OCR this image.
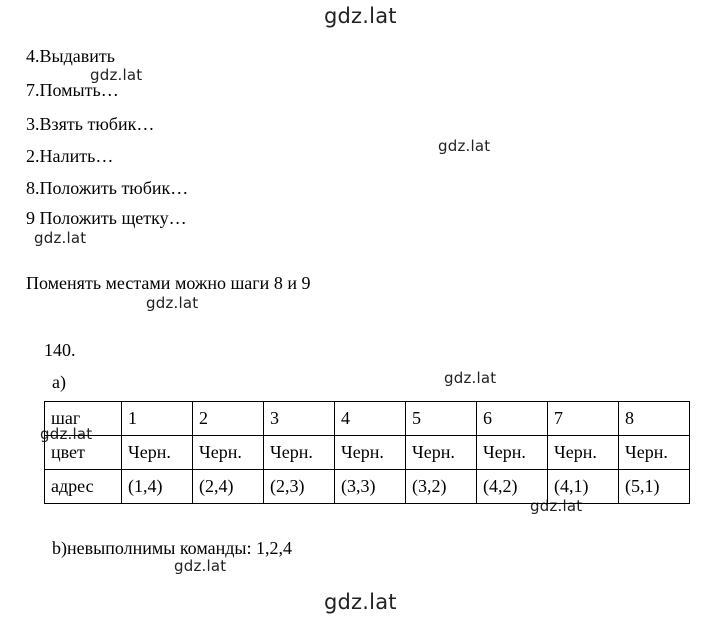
gdz.lat
gdz.lat
gdz.lat
gdz.lat
gdz.lat
gdz.lat
gdz.lat
gdz.lat
gdz.lat
gdz.lat
4.Выдавить
7.Помыть…
3.Взять тюбик…
2.Налить…
8.Положить тюбик…
9 Положить щетку…
Поменять местами можно шаги 8 и 9
140.
a)
шаг	1	2	3	4	5	6	7	8
цвет	Черн.	Черн.	Черн.	Черн.	Черн.	Черн.	Черн.	Черн.
адрес	(1,4)	(2,4)	(2,3)	(3,3)	(3,2)	(4,2)	(4,1)	(5,1)
b)невыполнимы команды: 1,2,4
